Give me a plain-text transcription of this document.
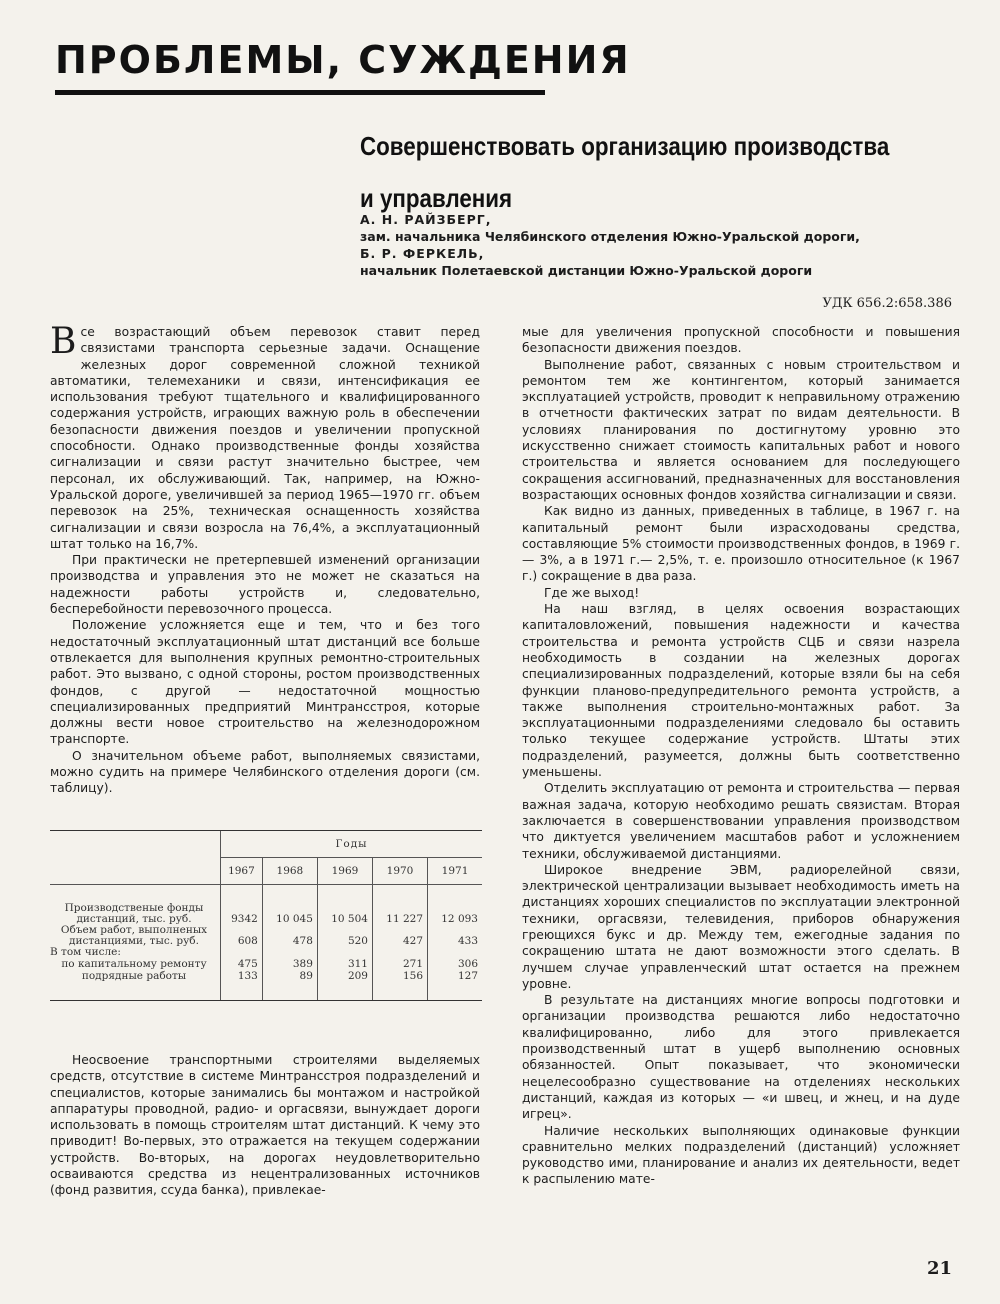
ПРОБЛЕМЫ, СУЖДЕНИЯ
Совершенствовать организацию производства
и управления
А. Н. РАЙЗБЕРГ,
зам. начальника Челябинского отделения Южно-Уральской дороги,
Б. Р. ФЕРКЕЛЬ,
начальник Полетаевской дистанции Южно-Уральской дороги
УДК 656.2:658.386

Все возрастающий объем перевозок ставит перед связистами транспорта серьезные задачи. Оснащение железных дорог современной сложной техникой автоматики, телемеханики и связи, интенсификация ее использования требуют тщательного и квалифицированного содержания устройств, играющих важную роль в обеспечении безопасности движения поездов и увеличении пропускной способности. Однако производственные фонды хозяйства сигнализации и связи растут значительно быстрее, чем персонал, их обслуживающий. Так, например, на Южно-Уральской дороге, увеличившей за период 1965—1970 гг. объем перевозок на 25%, техническая оснащенность хозяйства сигнализации и связи возросла на 76,4%, а эксплуатационный штат только на 16,7%.

При практически не претерпевшей изменений организации производства и управления это не может не сказаться на надежности работы устройств и, следовательно, бесперебойности перевозочного процесса.

Положение усложняется еще и тем, что и без того недостаточный эксплуатационный штат дистанций все больше отвлекается для выполнения крупных ремонтно-строительных работ. Это вызвано, с одной стороны, ростом производственных фондов, с другой — недостаточной мощностью специализированных предприятий Минтрансстроя, которые должны вести новое строительство на железнодорожном транспорте.

О значительном объеме работ, выполняемых связистами, можно судить на примере Челябинского отделения дороги (см. таблицу).

	Годы				
	1967	1968	1969	1970	1971

Производственые фонды дистанций, тыс. руб.	9342	10 045	10 504	11 227	12 093
Объем работ, выполненых дистанциями, тыс. руб.	608	478	520	427	433
В том числе:					
по капитальному ремонту	475	389	311	271	306
подрядные работы	133	89	209	156	127

Неосвоение транспортными строителями выделяемых средств, отсутствие в системе Минтрансстроя подразделений и специалистов, которые занимались бы монтажом и настройкой аппаратуры проводной, радио- и оргасвязи, вынуждает дороги использовать в помощь строителям штат дистанций. К чему это приводит! Во-первых, это отражается на текущем содержании устройств. Во-вторых, на дорогах неудовлетворительно осваиваются средства из нецентрализованных источников (фонд развития, ссуда банка), привлекае-

мые для увеличения пропускной способности и повышения безопасности движения поездов.

Выполнение работ, связанных с новым строительством и ремонтом тем же контингентом, который занимается эксплуатацией устройств, проводит к неправильному отражению в отчетности фактических затрат по видам деятельности. В условиях планирования по достигнутому уровню это искусственно снижает стоимость капитальных работ и нового строительства и является основанием для последующего сокращения ассигнований, предназначенных для восстановления возрастающих основных фондов хозяйства сигнализации и связи.

Как видно из данных, приведенных в таблице, в 1967 г. на капитальный ремонт были израсходованы средства, составляющие 5% стоимости производственных фондов, в 1969 г.— 3%, а в 1971 г.— 2,5%, т. е. произошло относительное (к 1967 г.) сокращение в два раза.

Где же выход!

На наш взгляд, в целях освоения возрастающих капиталовложений, повышения надежности и качества строительства и ремонта устройств СЦБ и связи назрела необходимость в создании на железных дорогах специализированных подразделений, которые взяли бы на себя функции планово-предупредительного ремонта устройств, а также выполнения строительно-монтажных работ. За эксплуатационными подразделениями следовало бы оставить только текущее содержание устройств. Штаты этих подразделений, разумеется, должны быть соответственно уменьшены.

Отделить эксплуатацию от ремонта и строительства — первая важная задача, которую необходимо решать связистам. Вторая заключается в совершенствовании управления производством что диктуется увеличением масштабов работ и усложнением техники, обслуживаемой дистанциями.

Широкое внедрение ЭВМ, радиорелейной связи, электрической централизации вызывает необходимость иметь на дистанциях хороших специалистов по эксплуатации электронной техники, оргасвязи, телевидения, приборов обнаружения греющихся букс и др. Между тем, ежегодные задания по сокращению штата не дают возможности этого сделать. В лучшем случае управленческий штат остается на прежнем уровне.

В результате на дистанциях многие вопросы подготовки и организации производства решаются либо недостаточно квалифицированно, либо для этого привлекается производственный штат в ущерб выполнению основных обязанностей. Опыт показывает, что экономически нецелесообразно существование на отделениях нескольких дистанций, каждая из которых — «и швец, и жнец, и на дуде игрец».

Наличие нескольких выполняющих одинаковые функции сравнительно мелких подразделений (дистанций) усложняет руководство ими, планирование и анализ их деятельности, ведет к распылению мате-

21
